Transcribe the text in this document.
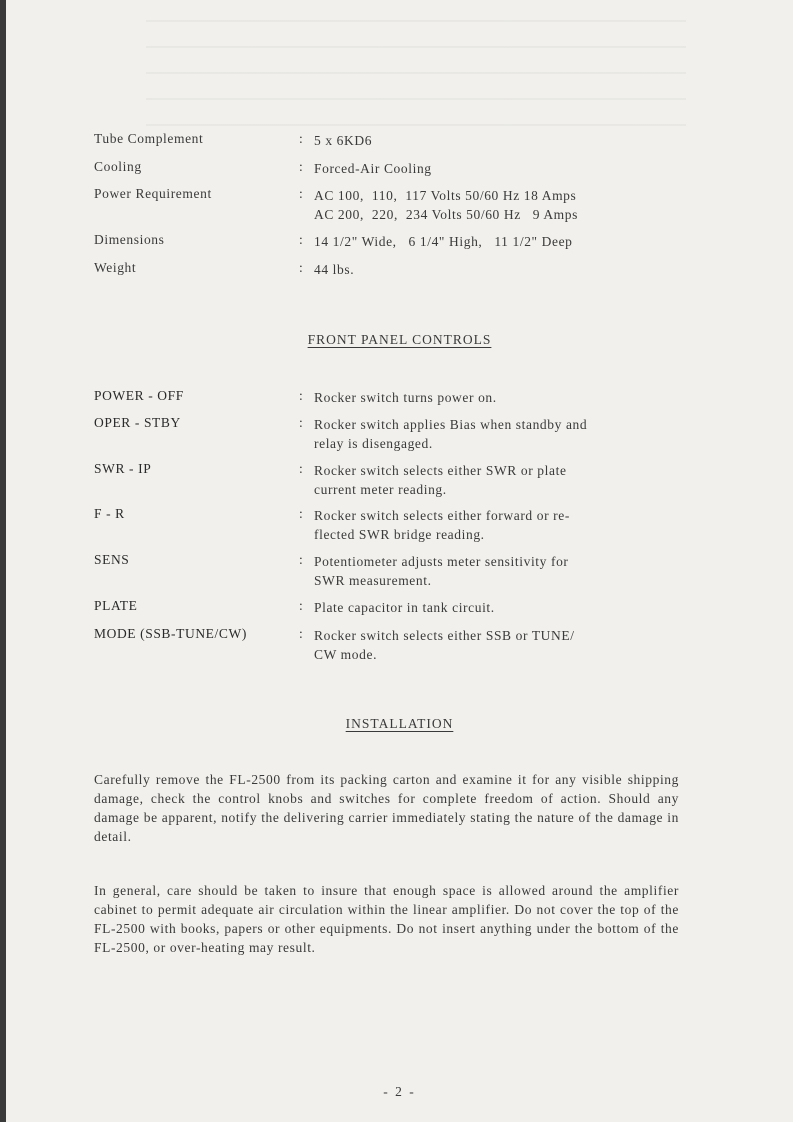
Tube Complement	: 5 x 6KD6
Cooling	: Forced-Air Cooling
Power Requirement	: AC 100,  110,  117 Volts 50/60 Hz 18 Amps
AC 200,  220,  234 Volts 50/60 Hz   9 Amps
Dimensions	: 14 1/2" Wide,   6 1/4" High,   11 1/2" Deep
Weight	: 44 lbs.
FRONT PANEL CONTROLS
POWER - OFF	: Rocker switch turns power on.
OPER - STBY	: Rocker switch applies Bias when standby and
relay is disengaged.
SWR - IP	: Rocker switch selects either SWR or plate
current meter reading.
F - R	: Rocker switch selects either forward or re-
flected SWR bridge reading.
SENS	: Potentiometer adjusts meter sensitivity for
SWR measurement.
PLATE	: Plate capacitor in tank circuit.
MODE (SSB-TUNE/CW)	: Rocker switch selects either SSB or TUNE/
CW mode.
INSTALLATION
Carefully remove the FL-2500 from its packing carton and examine it for any visible shipping damage, check the control knobs and switches for complete freedom of action. Should any damage be apparent, notify the delivering carrier immediately stating the nature of the damage in detail.
In general, care should be taken to insure that enough space is allowed around the amplifier cabinet to permit adequate air circulation within the linear amplifier. Do not cover the top of the FL-2500 with books, papers or other equipments. Do not insert anything under the bottom of the FL-2500, or over-heating may result.
- 2 -
